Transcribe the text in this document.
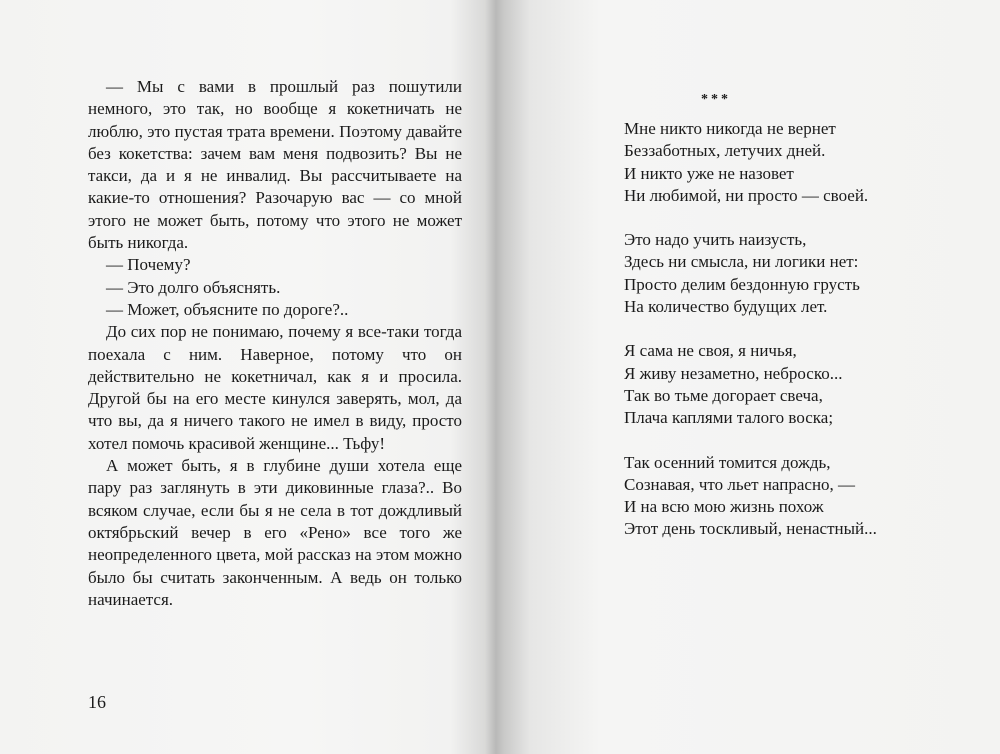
— Мы с вами в прошлый раз пошутили немного, это так, но вообще я кокетничать не люблю, это пустая трата времени. Поэтому давайте без кокетства: зачем вам меня подвозить? Вы не такси, да и я не инвалид. Вы рассчитываете на какие-то отношения? Разочарую вас — со мной этого не может быть, потому что этого не может быть никогда.

— Почему?

— Это долго объяснять.

— Может, объясните по дороге?..

До сих пор не понимаю, почему я все-таки тогда поехала с ним. Наверное, потому что он действительно не кокетничал, как я и просила. Другой бы на его месте кинулся заверять, мол, да что вы, да я ничего такого не имел в виду, просто хотел помочь красивой женщине... Тьфу!

А может быть, я в глубине души хотела еще пару раз заглянуть в эти диковинные глаза?.. Во всяком случае, если бы я не села в тот дождливый октябрьский вечер в его «Рено» все того же неопределенного цвета, мой рассказ на этом можно было бы считать законченным. А ведь он только начинается.

16
***
Мне никто никогда не вернет
Беззаботных, летучих дней.
И никто уже не назовет
Ни любимой, ни просто — своей.
Это надо учить наизусть,
Здесь ни смысла, ни логики нет:
Просто делим бездонную грусть
На количество будущих лет.
Я сама не своя, я ничья,
Я живу незаметно, неброско...
Так во тьме догорает свеча,
Плача каплями талого воска;
Так осенний томится дождь,
Сознавая, что льет напрасно, —
И на всю мою жизнь похож
Этот день тоскливый, ненастный...
